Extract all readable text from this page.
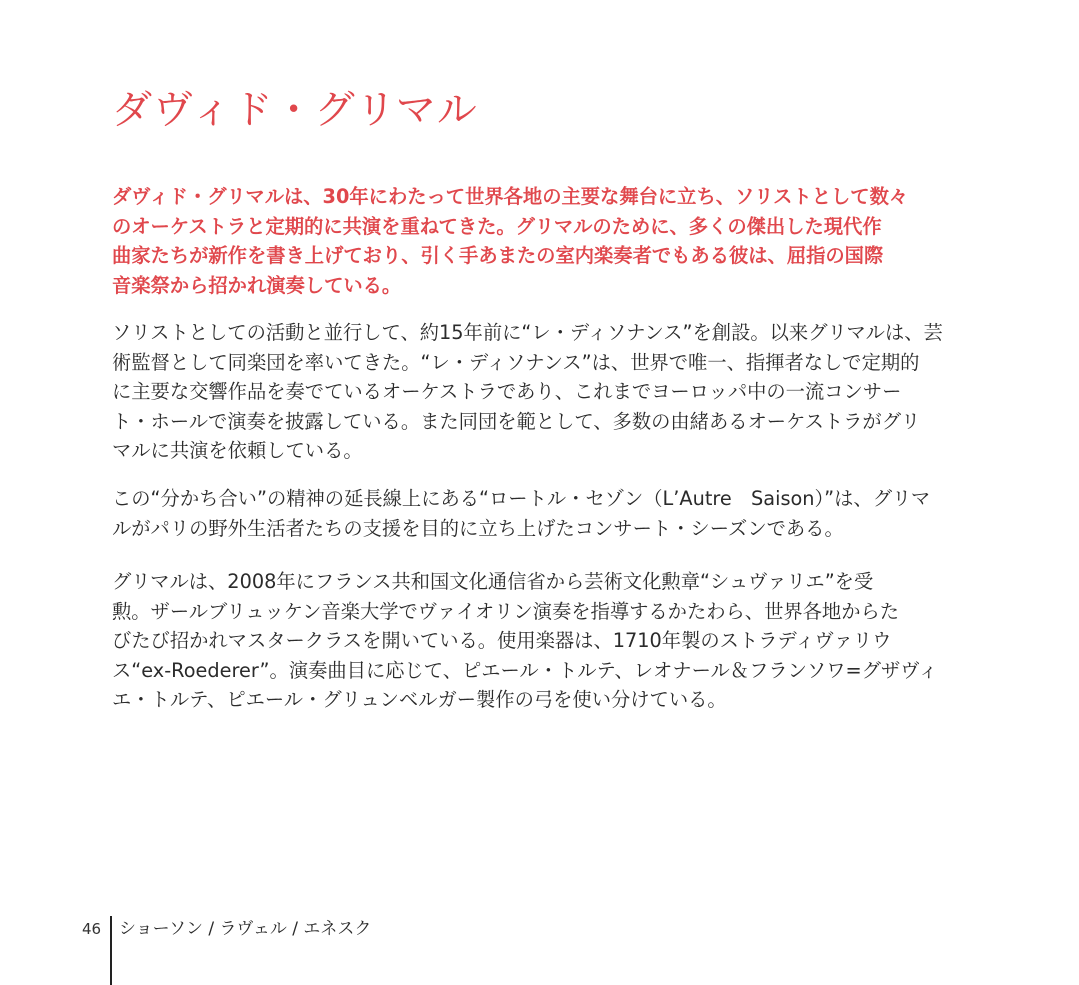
ダヴィド・グリマル
ダヴィド・グリマルは、30年にわたって世界各地の主要な舞台に立ち、ソリストとして数々
のオーケストラと定期的に共演を重ねてきた。グリマルのために、多くの傑出した現代作
曲家たちが新作を書き上げており、引く手あまたの室内楽奏者でもある彼は、屈指の国際
音楽祭から招かれ演奏している。
ソリストとしての活動と並行して、約15年前に“レ・ディソナンス”を創設。以来グリマルは、芸
術監督として同楽団を率いてきた。“レ・ディソナンス”は、世界で唯一、指揮者なしで定期的
に主要な交響作品を奏でているオーケストラであり、これまでヨーロッパ中の一流コンサー
ト・ホールで演奏を披露している。また同団を範として、多数の由緒あるオーケストラがグリ
マルに共演を依頼している。
この“分かち合い”の精神の延長線上にある“ロートル・セゾン（L’Autre　Saison）”は、グリマ
ルがパリの野外生活者たちの支援を目的に立ち上げたコンサート・シーズンである。
グリマルは、2008年にフランス共和国文化通信省から芸術文化勲章“シュヴァリエ”を受
勲。ザールブリュッケン音楽大学でヴァイオリン演奏を指導するかたわら、世界各地からた
びたび招かれマスタークラスを開いている。使用楽器は、1710年製のストラディヴァリウ
ス“ex-Roederer”。演奏曲目に応じて、ピエール・トルテ、レオナール＆フランソワ=グザヴィ
エ・トルテ、ピエール・グリュンベルガー製作の弓を使い分けている。
46 ショーソン / ラヴェル / エネスク
